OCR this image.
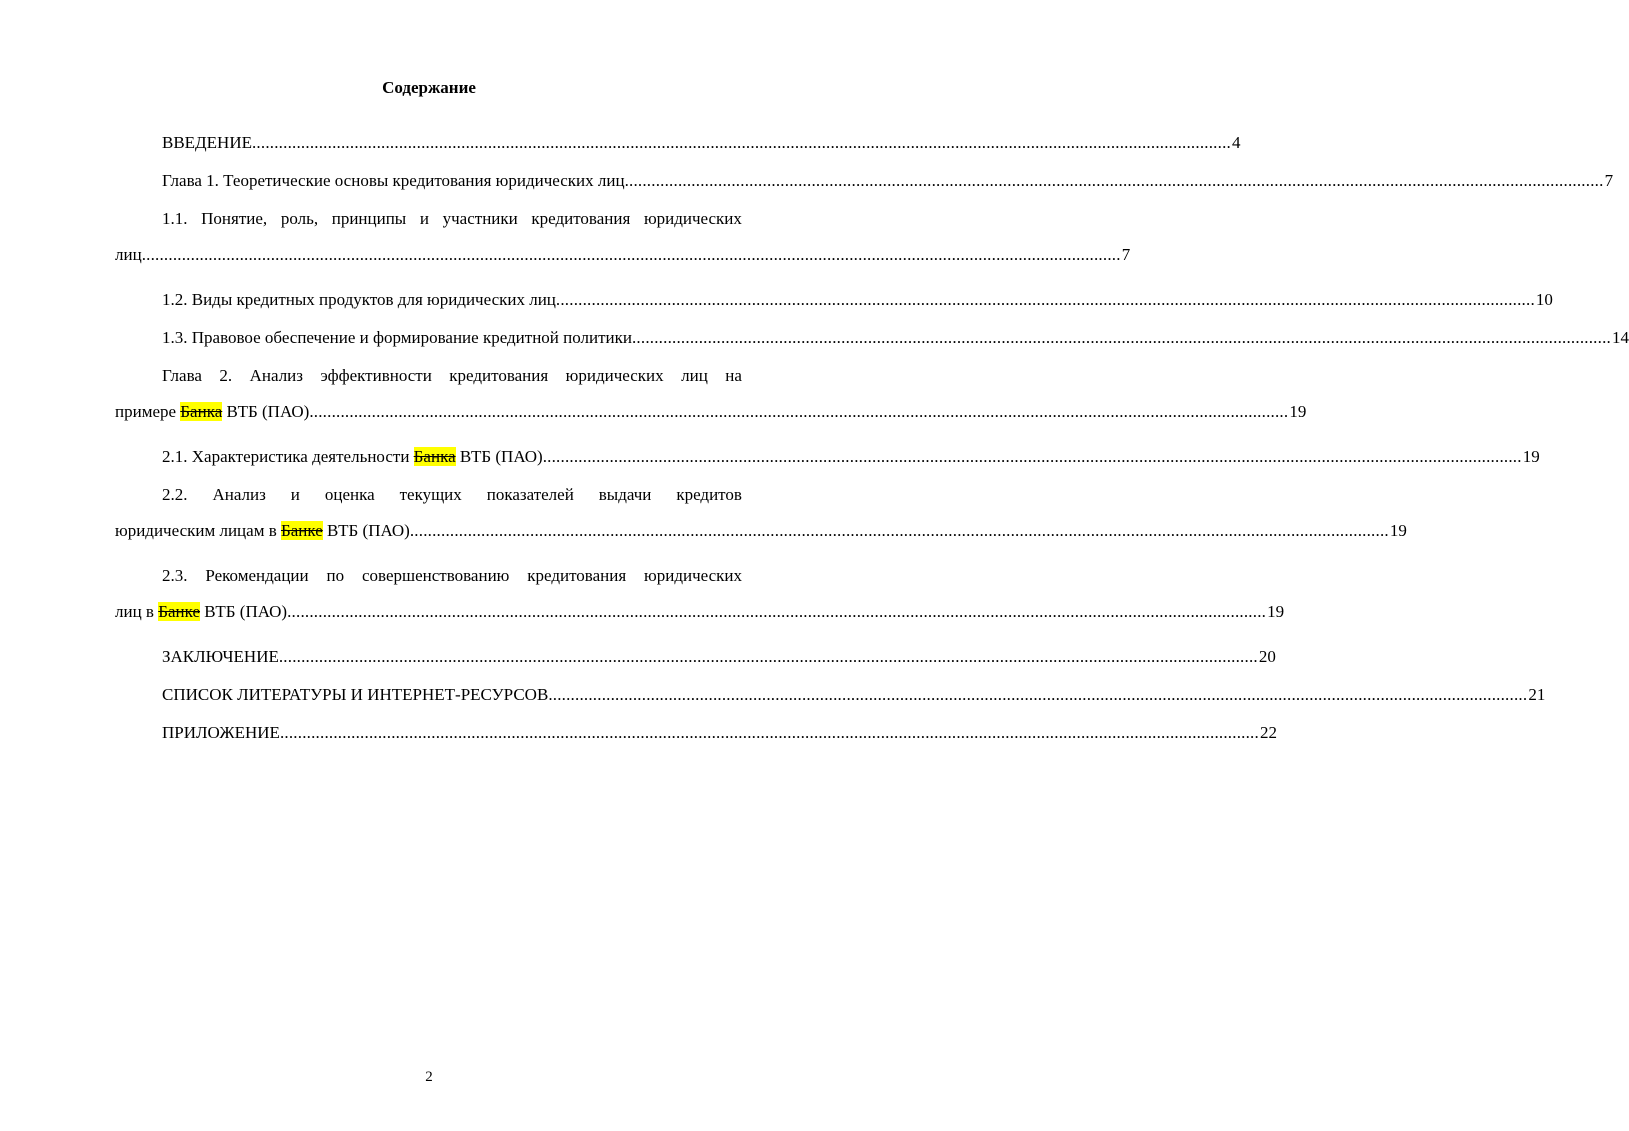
Содержание
ВВЕДЕНИЕ ............................................................................................................................................................................................................................ 4
Глава 1. Теоретические основы кредитования юридических лиц ............................................................................................................................................................................................................................ 7
1.1. Понятие, роль, принципы и участники кредитования юридических
лиц ............................................................................................................................................................................................................................ 7
1.2. Виды кредитных продуктов для юридических лиц ............................................................................................................................................................................................................................ 10
1.3. Правовое обеспечение и формирование кредитной политики ............................................................................................................................................................................................................................ 14
Глава 2. Анализ эффективности кредитования юридических лиц на
примере Банка ВТБ (ПАО) ............................................................................................................................................................................................................................ 19
2.1. Характеристика деятельности Банка ВТБ (ПАО) ............................................................................................................................................................................................................................ 19
2.2. Анализ и оценка текущих показателей выдачи кредитов
юридическим лицам в Банке ВТБ (ПАО) ............................................................................................................................................................................................................................ 19
2.3. Рекомендации по совершенствованию кредитования юридических
лиц в Банке ВТБ (ПАО) ............................................................................................................................................................................................................................ 19
ЗАКЛЮЧЕНИЕ ............................................................................................................................................................................................................................ 20
СПИСОК ЛИТЕРАТУРЫ И ИНТЕРНЕТ-РЕСУРСОВ ............................................................................................................................................................................................................................ 21
ПРИЛОЖЕНИЕ ............................................................................................................................................................................................................................ 22
2
